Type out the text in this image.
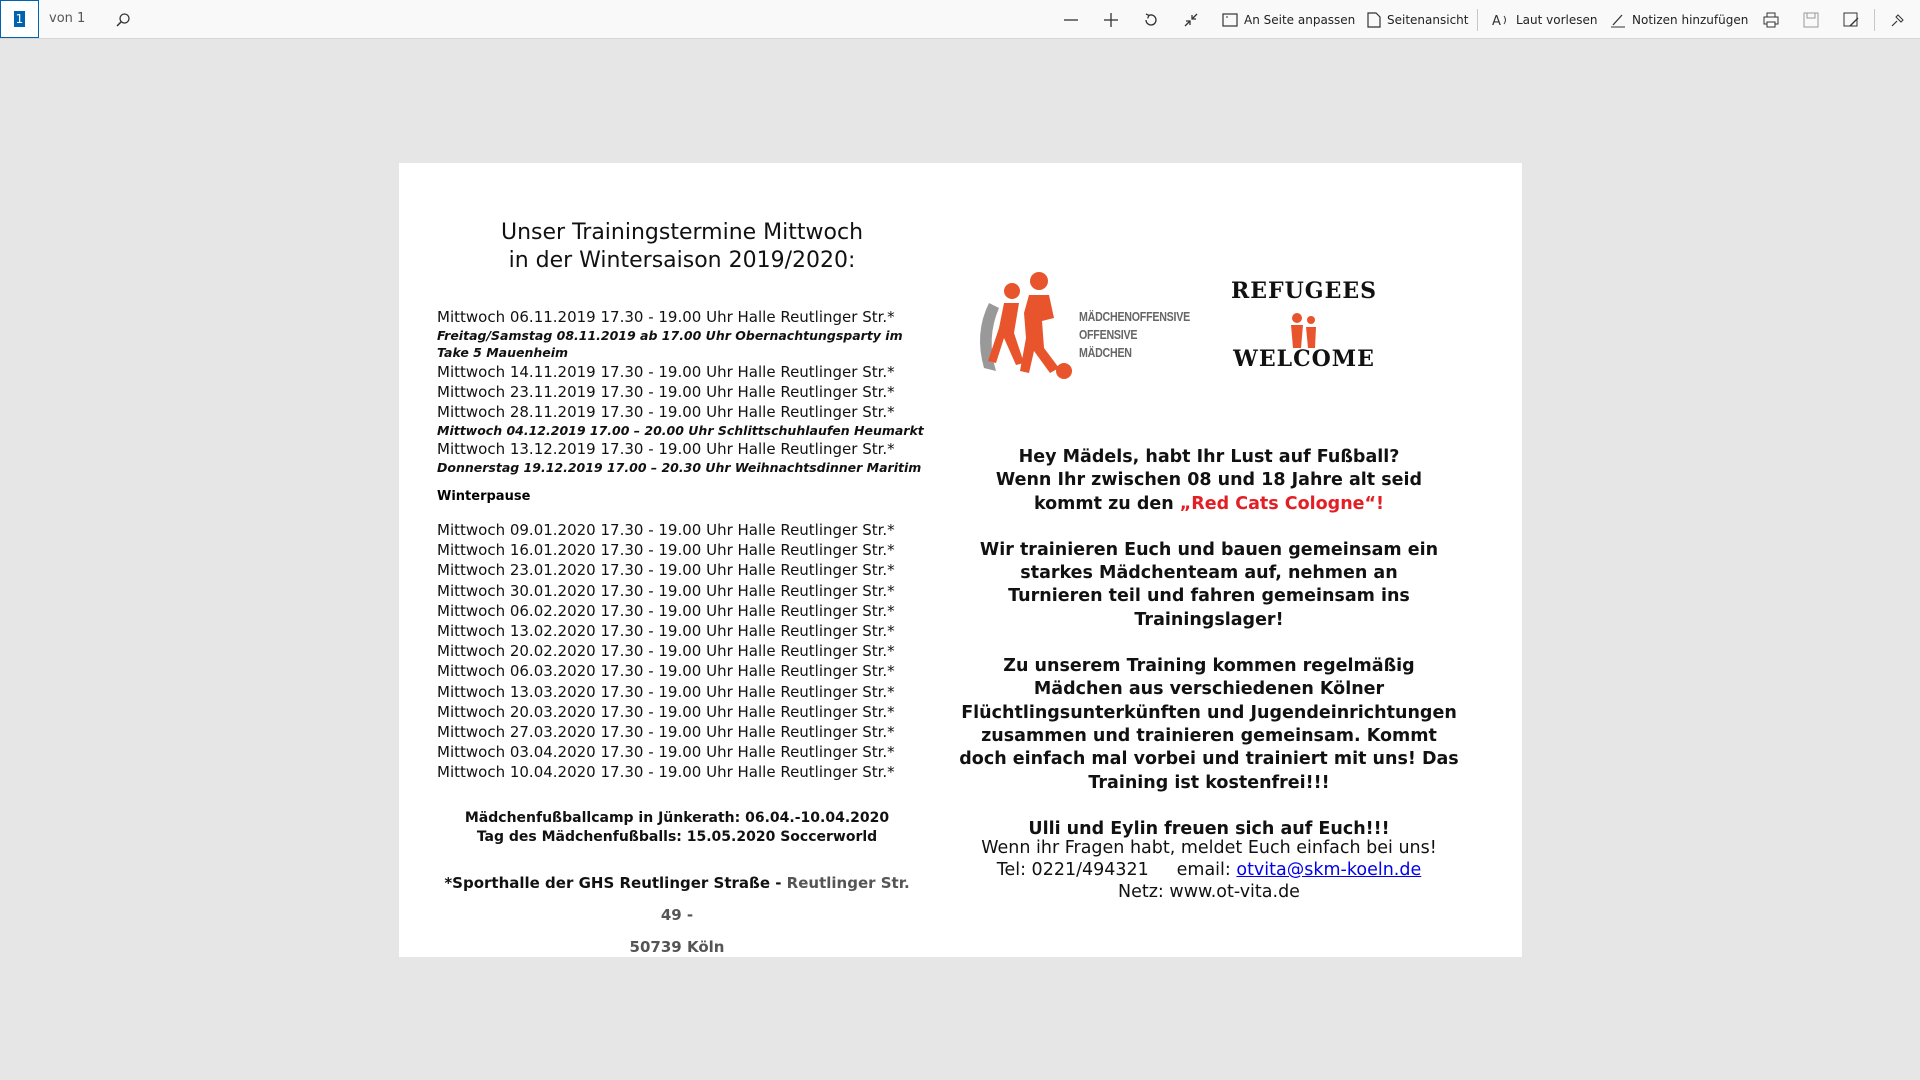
1 von 1	An Seite anpassen	Seitenansicht A Laut vorlesen	Notizen hinzufügen
Unser Trainingstermine Mittwoch
in der Wintersaison 2019/2020:
Mittwoch 06.11.2019 17.30 - 19.00 Uhr Halle Reutlinger Str.*
Freitag/Samstag 08.11.2019 ab 17.00 Uhr Obernachtungsparty im Take 5 Mauenheim
Mittwoch 14.11.2019 17.30 - 19.00 Uhr Halle Reutlinger Str.*
Mittwoch 23.11.2019 17.30 - 19.00 Uhr Halle Reutlinger Str.*
Mittwoch 28.11.2019 17.30 - 19.00 Uhr Halle Reutlinger Str.*
Mittwoch 04.12.2019 17.00 – 20.00 Uhr Schlittschuhlaufen Heumarkt
Mittwoch 13.12.2019 17.30 - 19.00 Uhr Halle Reutlinger Str.*
Donnerstag 19.12.2019 17.00 – 20.30 Uhr Weihnachtsdinner Maritim
Winterpause
Mittwoch 09.01.2020 17.30 - 19.00 Uhr Halle Reutlinger Str.*
Mittwoch 16.01.2020 17.30 - 19.00 Uhr Halle Reutlinger Str.*
Mittwoch 23.01.2020 17.30 - 19.00 Uhr Halle Reutlinger Str.*
Mittwoch 30.01.2020 17.30 - 19.00 Uhr Halle Reutlinger Str.*
Mittwoch 06.02.2020 17.30 - 19.00 Uhr Halle Reutlinger Str.*
Mittwoch 13.02.2020 17.30 - 19.00 Uhr Halle Reutlinger Str.*
Mittwoch 20.02.2020 17.30 - 19.00 Uhr Halle Reutlinger Str.*
Mittwoch 06.03.2020 17.30 - 19.00 Uhr Halle Reutlinger Str.*
Mittwoch 13.03.2020 17.30 - 19.00 Uhr Halle Reutlinger Str.*
Mittwoch 20.03.2020 17.30 - 19.00 Uhr Halle Reutlinger Str.*
Mittwoch 27.03.2020 17.30 - 19.00 Uhr Halle Reutlinger Str.*
Mittwoch 03.04.2020 17.30 - 19.00 Uhr Halle Reutlinger Str.*
Mittwoch 10.04.2020 17.30 - 19.00 Uhr Halle Reutlinger Str.*
Mädchenfußballcamp in Jünkerath: 06.04.-10.04.2020
Tag des Mädchenfußballs: 15.05.2020 Soccerworld
*Sporthalle der GHS Reutlinger Straße - Reutlinger Str. 49 -
50739 Köln
MÄDCHENOFFENSIVE
OFFENSIVE MÄDCHEN
REFUGEES
WELCOME

Hey Mädels, habt Ihr Lust auf Fußball?
Wenn Ihr zwischen 08 und 18 Jahre alt seid
kommt zu den „Red Cats Cologne“!

Wir trainieren Euch und bauen gemeinsam ein starkes Mädchenteam auf, nehmen an Turnieren teil und fahren gemeinsam ins Trainingslager!

Zu unserem Training kommen regelmäßig Mädchen aus verschiedenen Kölner Flüchtlingsunterkünften und Jugendeinrichtungen zusammen und trainieren gemeinsam. Kommt doch einfach mal vorbei und trainiert mit uns! Das Training ist kostenfrei!!!

Ulli und Eylin freuen sich auf Euch!!!

Wenn ihr Fragen habt, meldet Euch einfach bei uns!
Tel: 0221/494321 email: otvita@skm-koeln.de
Netz: www.ot-vita.de
